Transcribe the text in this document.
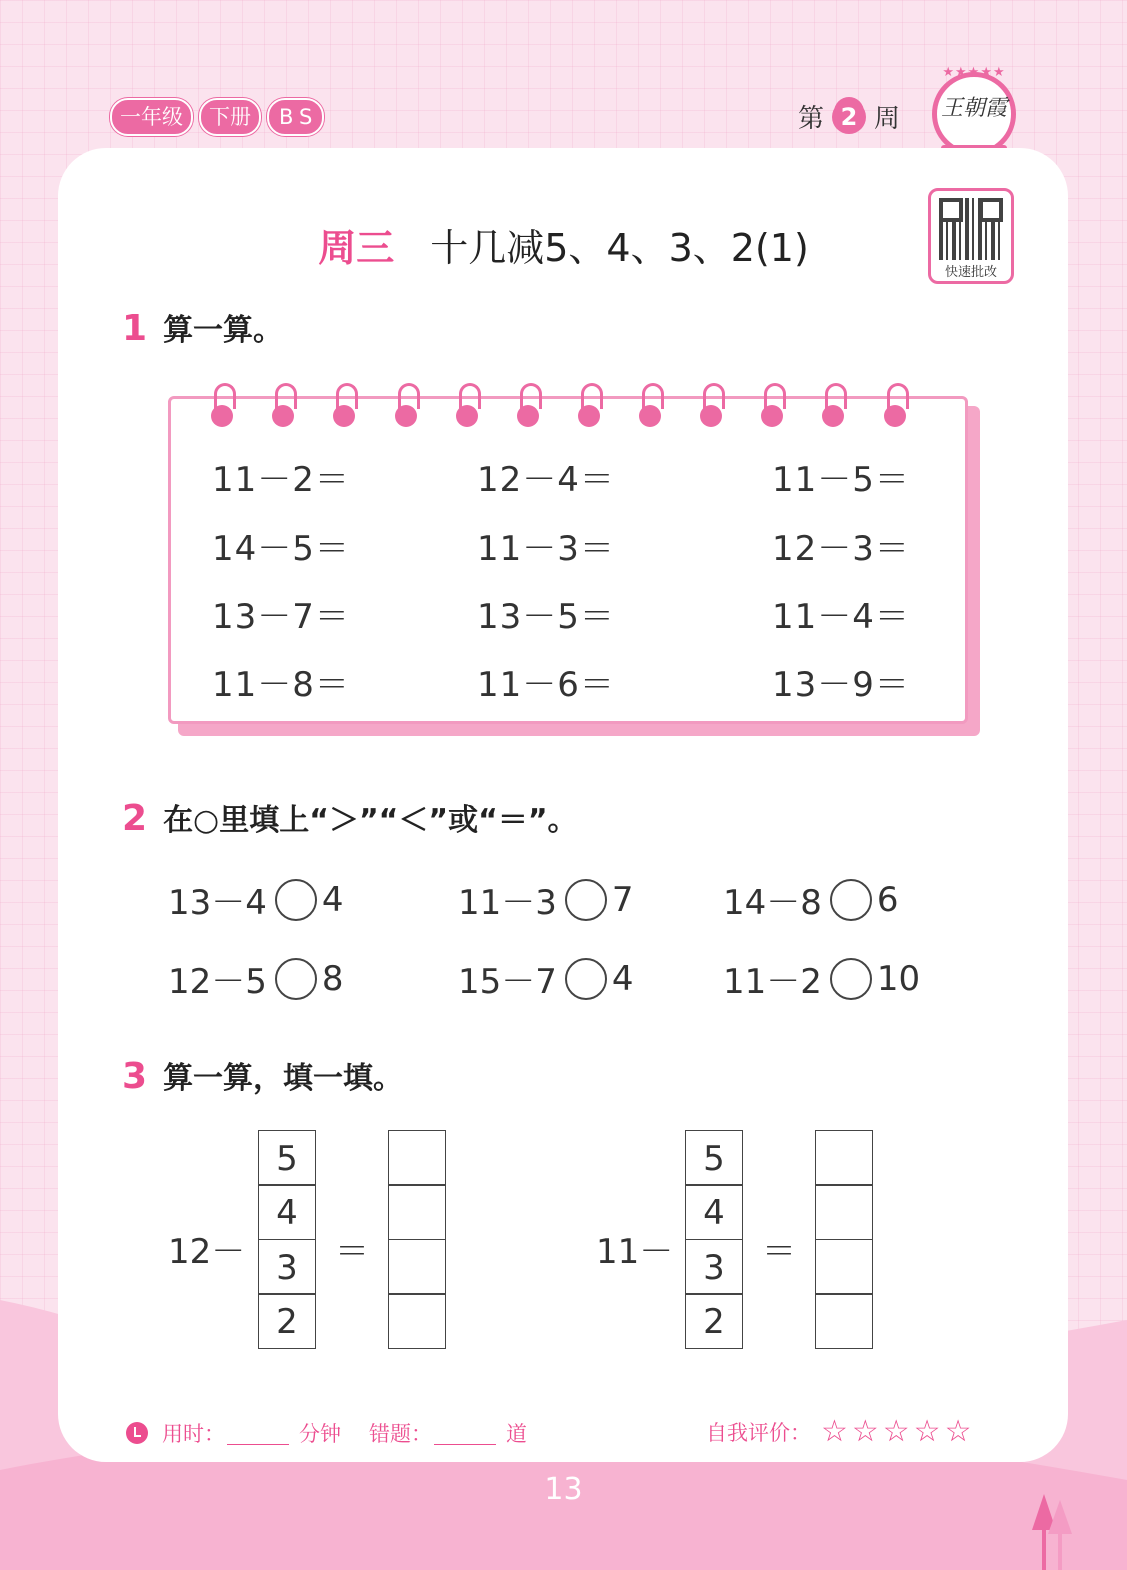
一年级	下册	BS	第 2 周
★★★★★
王朝霞
周三 十几减5、4、3、2(1)
快速批改
1 算一算。
11－2＝	12－4＝	11－5＝
14－5＝	11－3＝	12－3＝
13－7＝	13－5＝	11－4＝
11－8＝	11－6＝	13－9＝
2 在○里填上“＞”“＜”或“＝”。
13－4 4	11－3 7	14－8 6
12－5 8	15－7 4	11－2 10
3 算一算，填一填。
12－
5
4
3
2
＝	11－
5
4
3
2
＝
用时：	分钟 错题：	道	自我评价： ☆☆☆☆☆
13
